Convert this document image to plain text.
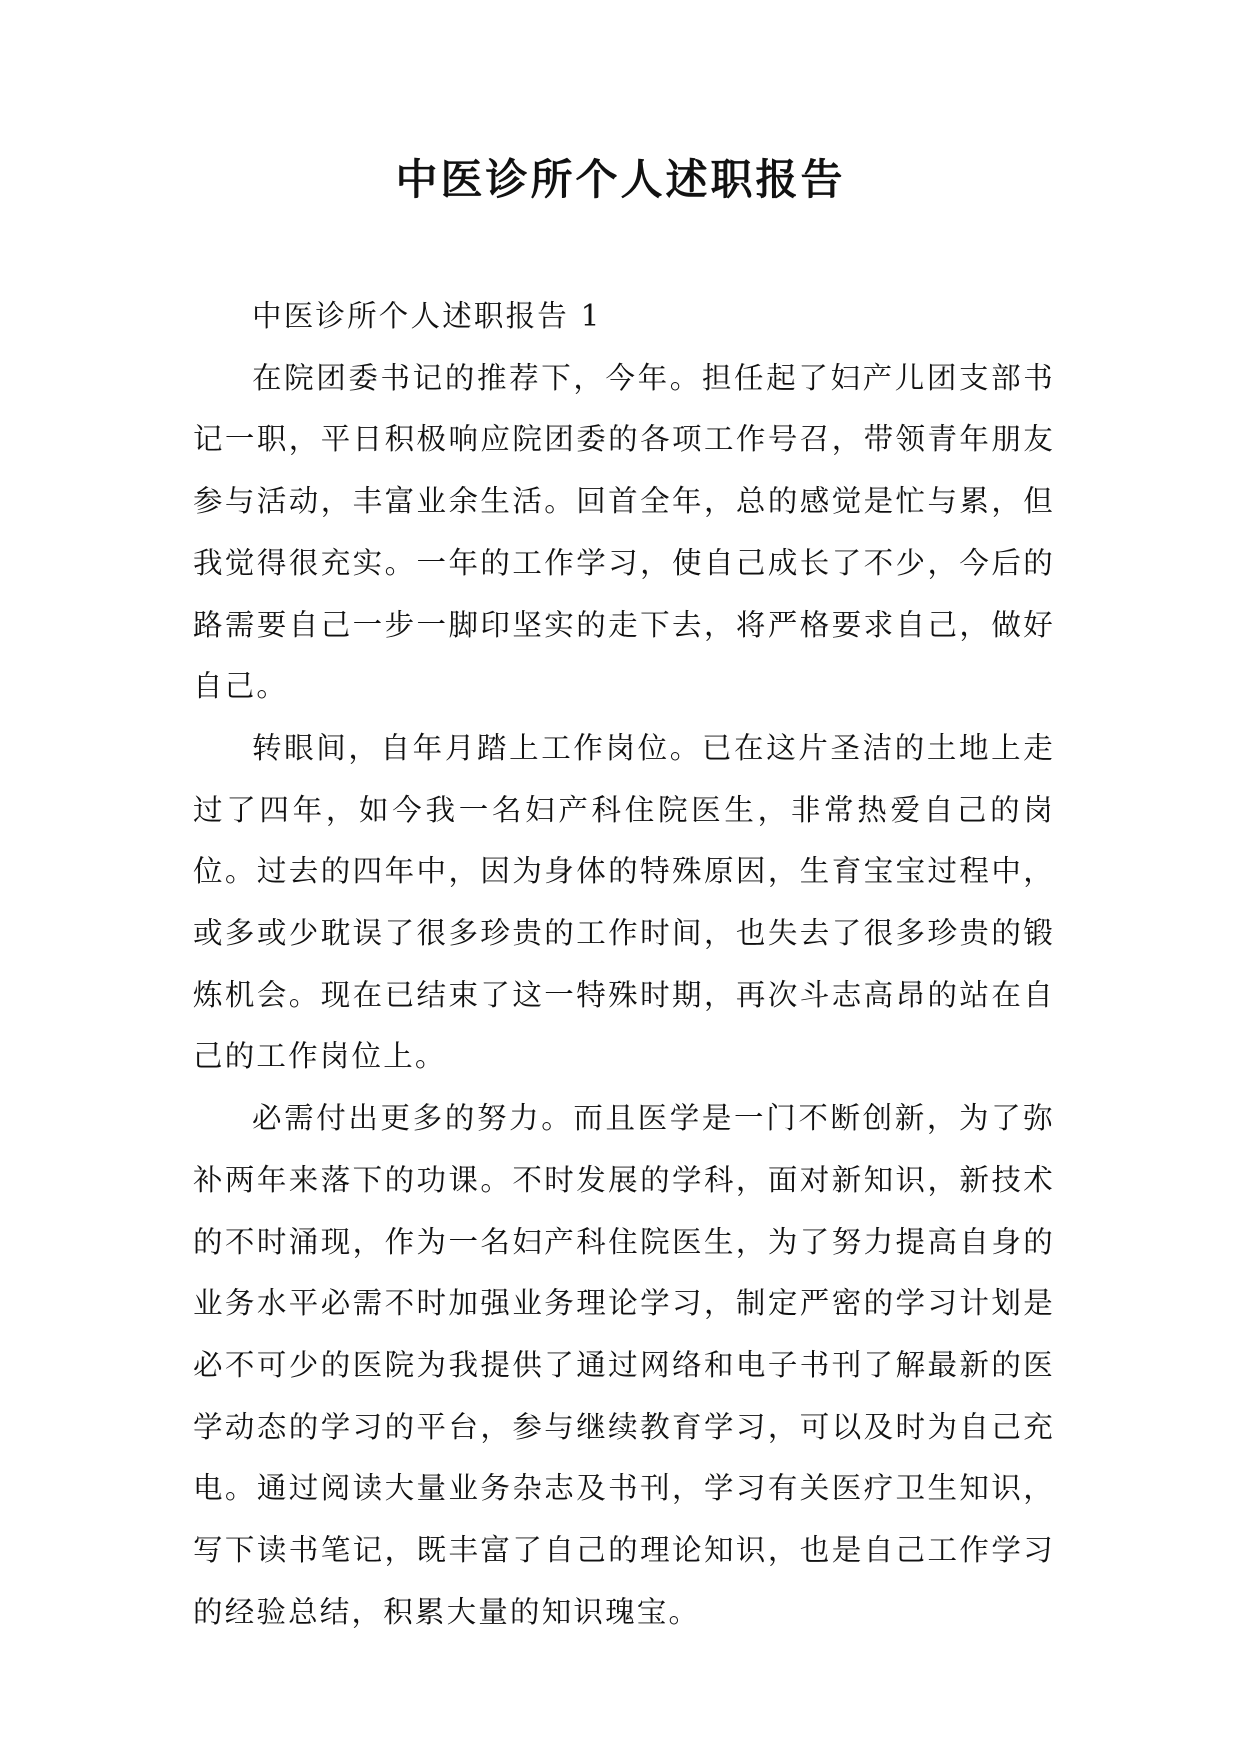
中医诊所个人述职报告

中医诊所个人述职报告 1

在院团委书记的推荐下，今年。担任起了妇产儿团支部书记一职，平日积极响应院团委的各项工作号召，带领青年朋友参与活动，丰富业余生活。回首全年，总的感觉是忙与累，但我觉得很充实。一年的工作学习，使自己成长了不少，今后的路需要自己一步一脚印坚实的走下去，将严格要求自己，做好自己。

转眼间，自年月踏上工作岗位。已在这片圣洁的土地上走过了四年，如今我一名妇产科住院医生，非常热爱自己的岗位。过去的四年中，因为身体的特殊原因，生育宝宝过程中，或多或少耽误了很多珍贵的工作时间，也失去了很多珍贵的锻炼机会。现在已结束了这一特殊时期，再次斗志高昂的站在自己的工作岗位上。

必需付出更多的努力。而且医学是一门不断创新，为了弥补两年来落下的功课。不时发展的学科，面对新知识，新技术的不时涌现，作为一名妇产科住院医生，为了努力提高自身的业务水平必需不时加强业务理论学习，制定严密的学习计划是必不可少的医院为我提供了通过网络和电子书刊了解最新的医学动态的学习的平台，参与继续教育学习，可以及时为自己充电。通过阅读大量业务杂志及书刊，学习有关医疗卫生知识，写下读书笔记，既丰富了自己的理论知识，也是自己工作学习的经验总结，积累大量的知识瑰宝。
